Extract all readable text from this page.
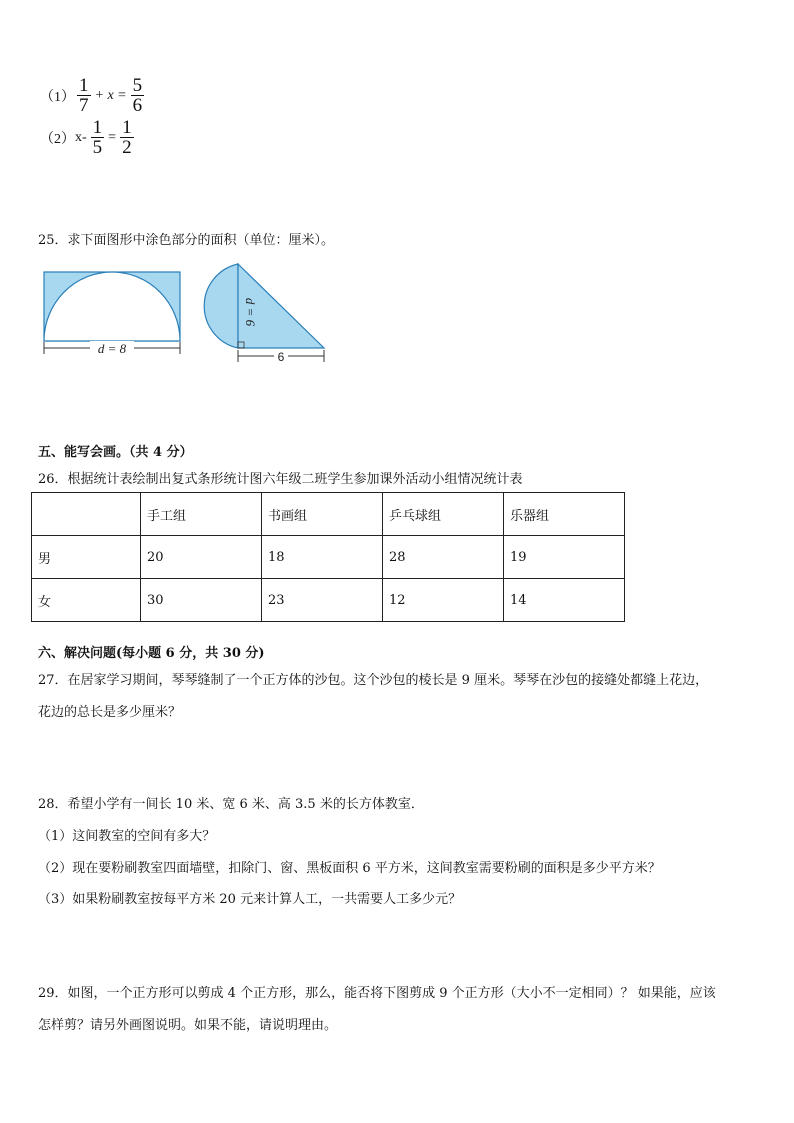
$(1) \frac{1}{7} + x = \frac{5}{6}$
（2） $x- \frac{1}{5} = \frac{1}{2}$
25．求下面图形中涂色部分的面积（单位：厘米）。
d = 8
d = 6
6
五、能写会画。（共 4 分）
26．根据统计表绘制出复式条形统计图六年级二班学生参加课外活动小组情况统计表
	手工组	书画组	乒乓球组	乐器组
男	20	18	28	19
女	30	23	12	14
六、解决问题(每小题 6 分，共 30 分)
27．在居家学习期间，琴琴缝制了一个正方体的沙包。这个沙包的棱长是 9 厘米。琴琴在沙包的接缝处都缝上花边，
花边的总长是多少厘米？
28．希望小学有一间长 10 米、宽 6 米、高 3.5 米的长方体教室．
（1）这间教室的空间有多大？
（2）现在要粉刷教室四面墙壁，扣除门、窗、黑板面积 6 平方米，这间教室需要粉刷的面积是多少平方米？
（3）如果粉刷教室按每平方米 20 元来计算人工，一共需要人工多少元？
29．如图，一个正方形可以剪成 4 个正方形，那么，能否将下图剪成 9 个正方形（大小不一定相同）？ 如果能，应该
怎样剪？请另外画图说明。如果不能，请说明理由。
